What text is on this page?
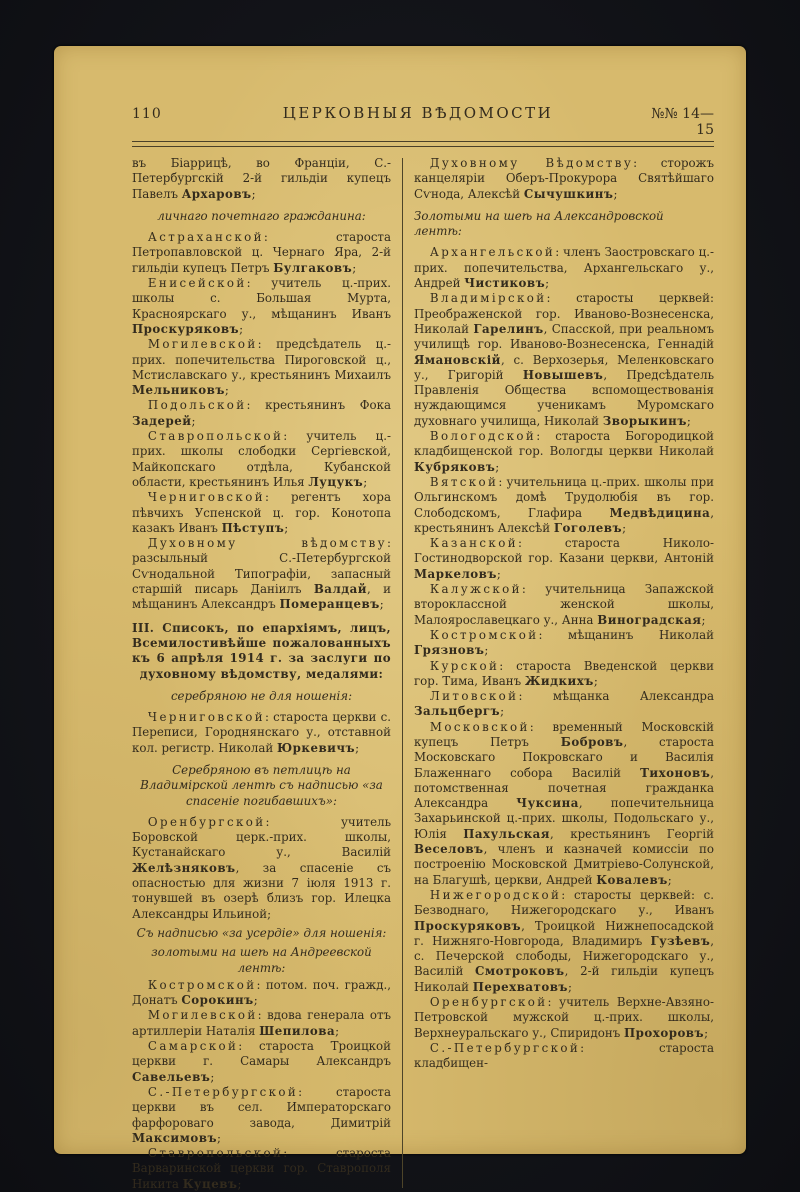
110	ЦЕРКОВНЫЯ ВѢДОМОСТИ	№№ 14—15

въ Біаррицѣ, во Франціи, С.-Петербургскій 2-й гильдіи купецъ Павелъ Архаровъ;

личнаго почетнаго гражданина:

Астраханской: староста Петропавловской ц. Чернаго Яра, 2-й гильдіи купецъ Петръ Булгаковъ;

Енисейской: учитель ц.-прих. школы с. Большая Мурта, Красноярскаго у., мѣщанинъ Иванъ Проскуряковъ;

Могилевской: предсѣдатель ц.-прих. попечительства Пироговской ц., Мстиславскаго у., крестьянинъ Михаилъ Мельниковъ;

Подольской: крестьянинъ Фока Задерей;

Ставропольской: учитель ц.-прих. школы слободки Сергіевской, Майкопскаго отдѣла, Кубанской области, крестьянинъ Илья Луцукъ;

Черниговской: регентъ хора пѣвчихъ Успенской ц. гор. Конотопа казакъ Иванъ Пѣступъ;

Духовному вѣдомству: разсыльный С.-Петербургской Сѵнодальной Типографіи, запасный старшій писарь Даніилъ Валдай, и мѣщанинъ Александръ Померанцевъ;

III. Списокъ, по епархіямъ, лицъ, Всемилостивѣйше пожалованныхъ къ 6 апрѣля 1914 г. за заслуги по духовному вѣдомству, медалями:

серебряною не для ношенія:

Черниговской: староста церкви с. Переписи, Городнянскаго у., отставной кол. регистр. Николай Юркевичъ;

Серебряною въ петлицѣ на Владимірской лентѣ съ надписью «за спасеніе погибавшихъ»:

Оренбургской: учитель Боровской церк.-прих. школы, Кустанайскаго у., Василій Желѣзняковъ, за спасеніе съ опасностью для жизни 7 іюля 1913 г. тонувшей въ озерѣ близъ гор. Илецка Александры Ильиной;

Съ надписью «за усердіе» для ношенія:

золотыми на шеѣ на Андреевской лентѣ:

Костромской: потом. поч. гражд., Донатъ Сорокинъ;

Могилевской: вдова генерала отъ артиллеріи Наталія Шепилова;

Самарской: староста Троицкой церкви г. Самары Александръ Савельевъ;

С.-Петербургской: староста церкви въ сел. Императорскаго фарфороваго завода, Димитрій Максимовъ;

Ставропольской: староста Варваринской церкви гор. Ставрополя Никита Куцевъ;

Духовному Вѣдомству: сторожъ канцеляріи Оберъ-Прокурора Святѣйшаго Сѵнода, Алексѣй Сычушкинъ;

Золотыми на шеѣ на Александровской лентѣ:

Архангельской: членъ Заостровскаго ц.-прих. попечительства, Архангельскаго у., Андрей Чистиковъ;

Владимірской: старосты церквей: Преображенской гор. Иваново-Вознесенска, Николай Гарелинъ, Спасской, при реальномъ училищѣ гор. Иваново-Вознесенска, Геннадій Ямановскій, с. Верхозерья, Меленковскаго у., Григорій Новышевъ, Предсѣдатель Правленія Общества вспомоществованія нуждающимся ученикамъ Муромскаго духовнаго училища, Николай Зворыкинъ;

Вологодской: староста Богородицкой кладбищенской гор. Вологды церкви Николай Кубряковъ;

Вятской: учительница ц.-прих. школы при Ольгинскомъ домѣ Трудолюбія въ гор. Слободскомъ, Глафира Медвѣдицина, крестьянинъ Алексѣй Гоголевъ;

Казанской: староста Николо-Гостинодворской гор. Казани церкви, Антоній Маркеловъ;

Калужской: учительница Запажской второклассной женской школы, Малоярославецкаго у., Анна Виноградская;

Костромской: мѣщанинъ Николай Грязновъ;

Курской: староста Введенской церкви гор. Тима, Иванъ Жидкихъ;

Литовской: мѣщанка Александра Зальцбергъ;

Московской: временный Московскій купецъ Петръ Бобровъ, староста Московскаго Покровскаго и Василія Блаженнаго собора Василій Тихоновъ, потомственная почетная гражданка Александра Чуксина, попечительница Захарьинской ц.-прих. школы, Подольскаго у., Юлія Пахульская, крестьянинъ Георгій Веселовъ, членъ и казначей комиссіи по построенію Московской Дмитріево-Солунской, на Благушѣ, церкви, Андрей Ковалевъ;

Нижегородской: старосты церквей: с. Безводнаго, Нижегородскаго у., Иванъ Проскуряковъ, Троицкой Нижнепосадской г. Нижняго-Новгорода, Владимиръ Гузѣевъ, с. Печерской слободы, Нижегородскаго у., Василій Смотроковъ, 2-й гильдіи купецъ Николай Перехватовъ;

Оренбургской: учитель Верхне-Авзяно-Петровской мужской ц.-прих. школы, Верхнеуральскаго у., Спиридонъ Прохоровъ;

С.-Петербургской: староста кладбищен-
